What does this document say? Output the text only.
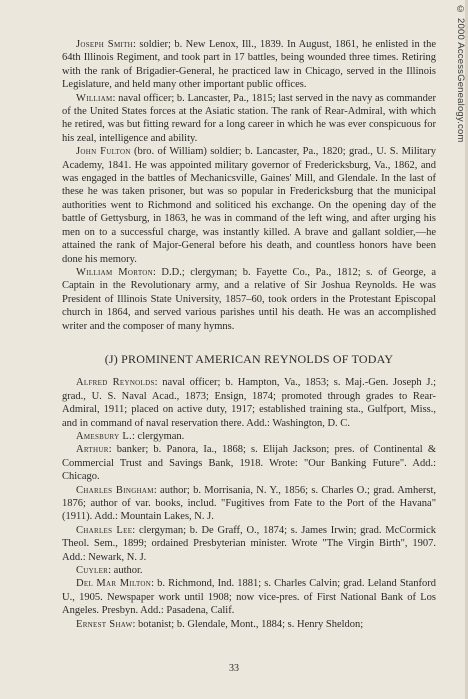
© 2000 AccessGenealogy.com

Joseph Smith: soldier; b. New Lenox, Ill., 1839. In August, 1861, he enlisted in the 64th Illinois Regiment, and took part in 17 battles, being wounded three times. Retiring with the rank of Brigadier-General, he practiced law in Chicago, served in the Illinois Legislature, and held many other important public offices.

William: naval officer; b. Lancaster, Pa., 1815; last served in the navy as commander of the United States forces at the Asiatic station. The rank of Rear-Admiral, with which he retired, was but fitting reward for a long career in which he was ever conspicuous for his zeal, intelligence and ability.

John Fulton (bro. of William) soldier; b. Lancaster, Pa., 1820; grad., U. S. Military Academy, 1841. He was appointed military governor of Fredericksburg, Va., 1862, and was engaged in the battles of Mechanicsville, Gaines' Mill, and Glendale. In the last of these he was taken prisoner, but was so popular in Fredericksburg that the municipal authorities went to Richmond and soliticed his exchange. On the opening day of the battle of Gettysburg, in 1863, he was in command of the left wing, and after urging his men on to a successful charge, was instantly killed. A brave and gallant soldier,—he attained the rank of Major-General before his death, and countless honors have been done his memory.

William Morton: D.D.; clergyman; b. Fayette Co., Pa., 1812; s. of George, a Captain in the Revolutionary army, and a relative of Sir Joshua Reynolds. He was President of Illinois State University, 1857–60, took orders in the Protestant Episcopal church in 1864, and served various parishes until his death. He was an accomplished writer and the composer of many hymns.

(J) PROMINENT AMERICAN REYNOLDS OF TODAY

Alfred Reynolds: naval officer; b. Hampton, Va., 1853; s. Maj.-Gen. Joseph J.; grad., U. S. Naval Acad., 1873; Ensign, 1874; promoted through grades to Rear-Admiral, 1911; placed on active duty, 1917; established training sta., Gulfport, Miss., and in command of naval reservation there. Add.: Washington, D. C.

Amesbury L.: clergyman.

Arthur: banker; b. Panora, Ia., 1868; s. Elijah Jackson; pres. of Continental & Commercial Trust and Savings Bank, 1918. Wrote: "Our Banking Future". Add.: Chicago.

Charles Bingham: author; b. Morrisania, N. Y., 1856; s. Charles O.; grad. Amherst, 1876; author of var. books, includ. "Fugitives from Fate to the Port of the Havana" (1911). Add.: Mountain Lakes, N. J.

Charles Lee: clergyman; b. De Graff, O., 1874; s. James Irwin; grad. McCormick Theol. Sem., 1899; ordained Presbyterian minister. Wrote "The Virgin Birth", 1907. Add.: Newark, N. J.

Cuyler: author.

Del Mar Milton: b. Richmond, Ind. 1881; s. Charles Calvin; grad. Leland Stanford U., 1905. Newspaper work until 1908; now vice-pres. of First National Bank of Los Angeles. Presbyn. Add.: Pasadena, Calif.

Ernest Shaw: botanist; b. Glendale, Mont., 1884; s. Henry Sheldon;

33
